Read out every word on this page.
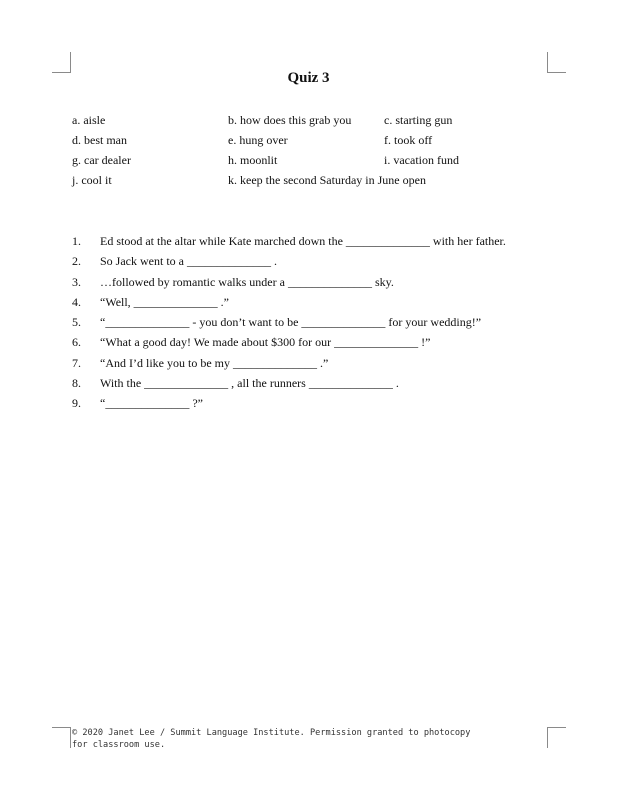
Quiz 3
a. aisle	b. how does this grab you	c. starting gun
d. best man	e. hung over	f. took off
g. car dealer	h. moonlit	i. vacation fund
j. cool it	k. keep the second Saturday in June open
1. Ed stood at the altar while Kate marched down the ______________ with her father.
2. So Jack went to a ______________ .
3. …followed by romantic walks under a ______________ sky.
4. “Well, ______________ .”
5. “______________ - you don’t want to be ______________ for your wedding!”
6. “What a good day! We made about $300 for our ______________ !”
7. “And I’d like you to be my ______________ .”
8. With the ______________ , all the runners ______________ .
9. “______________ ?”
© 2020 Janet Lee / Summit Language Institute. Permission granted to photocopy
for classroom use.
